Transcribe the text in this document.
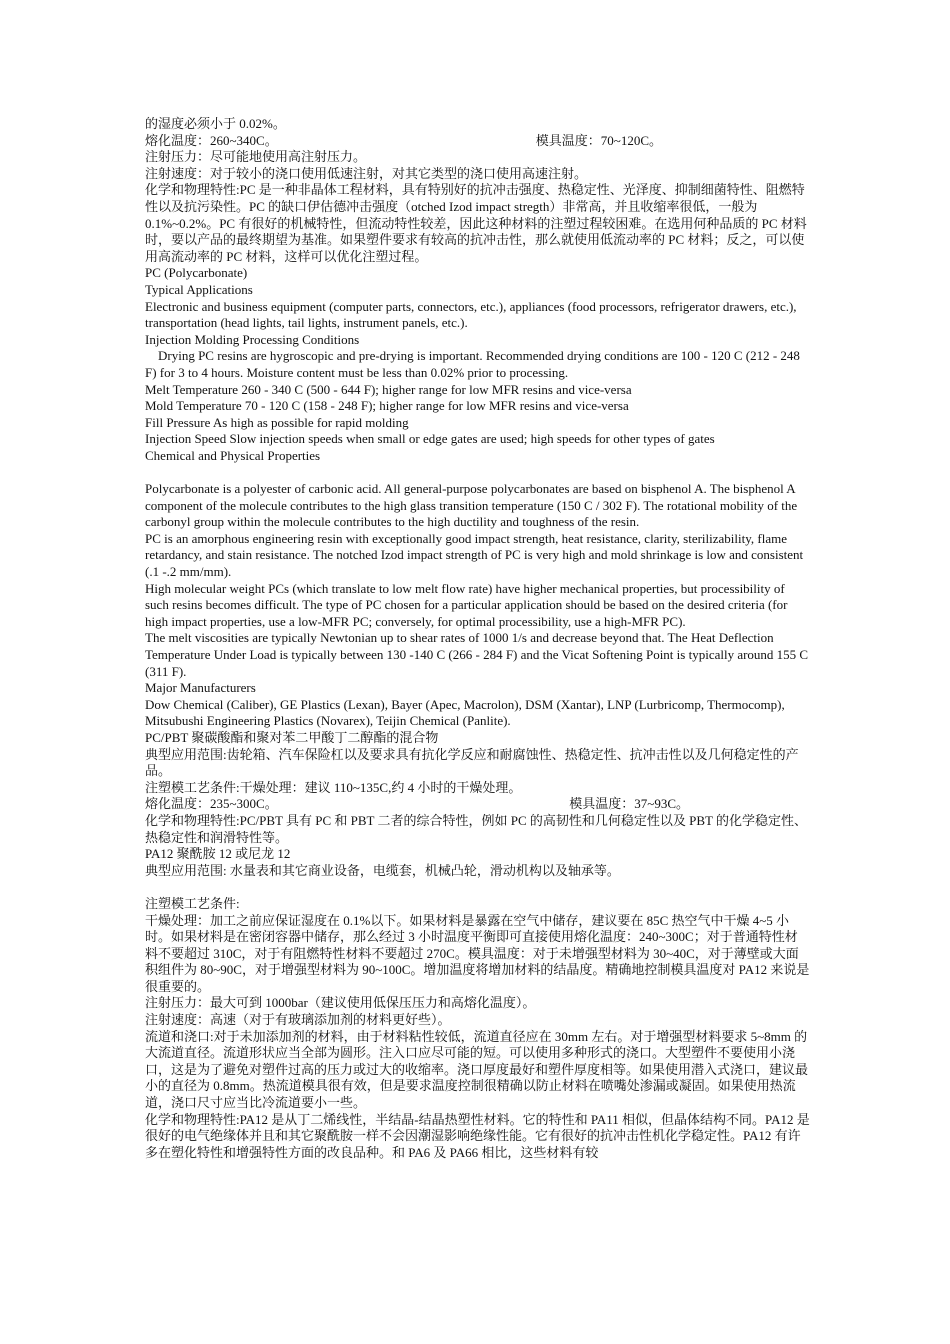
的湿度必须小于 0.02%。

熔化温度：260~340C。	模具温度：70~120C。

注射压力：尽可能地使用高注射压力。

注射速度：对于较小的浇口使用低速注射，对其它类型的浇口使用高速注射。

化学和物理特性:PC 是一种非晶体工程材料，具有特别好的抗冲击强度、热稳定性、光泽度、抑制细菌特性、阻燃特性以及抗污染性。PC 的缺口伊估德冲击强度（otched Izod impact stregth）非常高，并且收缩率很低，一般为 0.1%~0.2%。PC 有很好的机械特性，但流动特性较差，因此这种材料的注塑过程较困难。在选用何种品质的 PC 材料时，要以产品的最终期望为基准。如果塑件要求有较高的抗冲击性，那么就使用低流动率的 PC 材料；反之，可以使用高流动率的 PC 材料，这样可以优化注塑过程。

PC (Polycarbonate)

Typical Applications

Electronic and business equipment (computer parts, connectors, etc.), appliances (food processors, refrigerator drawers, etc.), transportation (head lights, tail lights, instrument panels, etc.).

Injection Molding Processing Conditions

Drying PC resins are hygroscopic and pre-drying is important. Recommended drying conditions are 100 - 120 C (212 - 248 F) for 3 to 4 hours. Moisture content must be less than 0.02% prior to processing.

Melt Temperature 260 - 340 C (500 - 644 F); higher range for low MFR resins and vice-versa

Mold Temperature 70 - 120 C (158 - 248 F); higher range for low MFR resins and vice-versa

Fill Pressure As high as possible for rapid molding

Injection Speed Slow injection speeds when small or edge gates are used; high speeds for other types of gates

Chemical and Physical Properties

Polycarbonate is a polyester of carbonic acid. All general-purpose polycarbonates are based on bisphenol A. The bisphenol A component of the molecule contributes to the high glass transition temperature (150 C / 302 F). The rotational mobility of the carbonyl group within the molecule contributes to the high ductility and toughness of the resin.

PC is an amorphous engineering resin with exceptionally good impact strength, heat resistance, clarity, sterilizability, flame retardancy, and stain resistance. The notched Izod impact strength of PC is very high and mold shrinkage is low and consistent (.1 -.2 mm/mm).

High molecular weight PCs (which translate to low melt flow rate) have higher mechanical properties, but processibility of such resins becomes difficult. The type of PC chosen for a particular application should be based on the desired criteria (for high impact properties, use a low-MFR PC; conversely, for optimal processibility, use a high-MFR PC).

The melt viscosities are typically Newtonian up to shear rates of 1000 1/s and decrease beyond that. The Heat Deflection Temperature Under Load is typically between 130 -140 C (266 - 284 F) and the Vicat Softening Point is typically around 155 C (311 F).

Major Manufacturers

Dow Chemical (Caliber), GE Plastics (Lexan), Bayer (Apec, Macrolon), DSM (Xantar), LNP (Lurbricomp, Thermocomp), Mitsubushi Engineering Plastics (Novarex), Teijin Chemical (Panlite).

PC/PBT 聚碳酸酯和聚对苯二甲酸丁二醇酯的混合物

典型应用范围:齿轮箱、汽车保险杠以及要求具有抗化学反应和耐腐蚀性、热稳定性、抗冲击性以及几何稳定性的产品。

注塑模工艺条件:干燥处理：建议 110~135C,约 4 小时的干燥处理。

熔化温度：235~300C。	模具温度：37~93C。

化学和物理特性:PC/PBT 具有 PC 和 PBT 二者的综合特性，例如 PC 的高韧性和几何稳定性以及 PBT 的化学稳定性、热稳定性和润滑特性等。

PA12 聚酰胺 12 或尼龙 12

典型应用范围: 水量表和其它商业设备，电缆套，机械凸轮，滑动机构以及轴承等。

注塑模工艺条件:

干燥处理：加工之前应保证湿度在 0.1%以下。如果材料是暴露在空气中储存，建议要在 85C 热空气中干燥 4~5 小时。如果材料是在密闭容器中储存，那么经过 3 小时温度平衡即可直接使用熔化温度：240~300C；对于普通特性材料不要超过 310C，对于有阻燃特性材料不要超过 270C。模具温度：对于未增强型材料为 30~40C，对于薄壁或大面积组件为 80~90C，对于增强型材料为 90~100C。增加温度将增加材料的结晶度。精确地控制模具温度对 PA12 来说是很重要的。

注射压力：最大可到 1000bar（建议使用低保压压力和高熔化温度）。

注射速度：高速（对于有玻璃添加剂的材料更好些）。

流道和浇口:对于未加添加剂的材料，由于材料粘性较低，流道直径应在 30mm 左右。对于增强型材料要求 5~8mm 的大流道直径。流道形状应当全部为圆形。注入口应尽可能的短。可以使用多种形式的浇口。大型塑件不要使用小浇口，这是为了避免对塑件过高的压力或过大的收缩率。浇口厚度最好和塑件厚度相等。如果使用潜入式浇口，建议最小的直径为 0.8mm。热流道模具很有效，但是要求温度控制很精确以防止材料在喷嘴处渗漏或凝固。如果使用热流道，浇口尺寸应当比冷流道要小一些。

化学和物理特性:PA12 是从丁二烯线性，半结晶-结晶热塑性材料。它的特性和 PA11 相似，但晶体结构不同。PA12 是很好的电气绝缘体并且和其它聚酰胺一样不会因潮湿影响绝缘性能。它有很好的抗冲击性机化学稳定性。PA12 有许多在塑化特性和增强特性方面的改良品种。和 PA6 及 PA66 相比，这些材料有较
